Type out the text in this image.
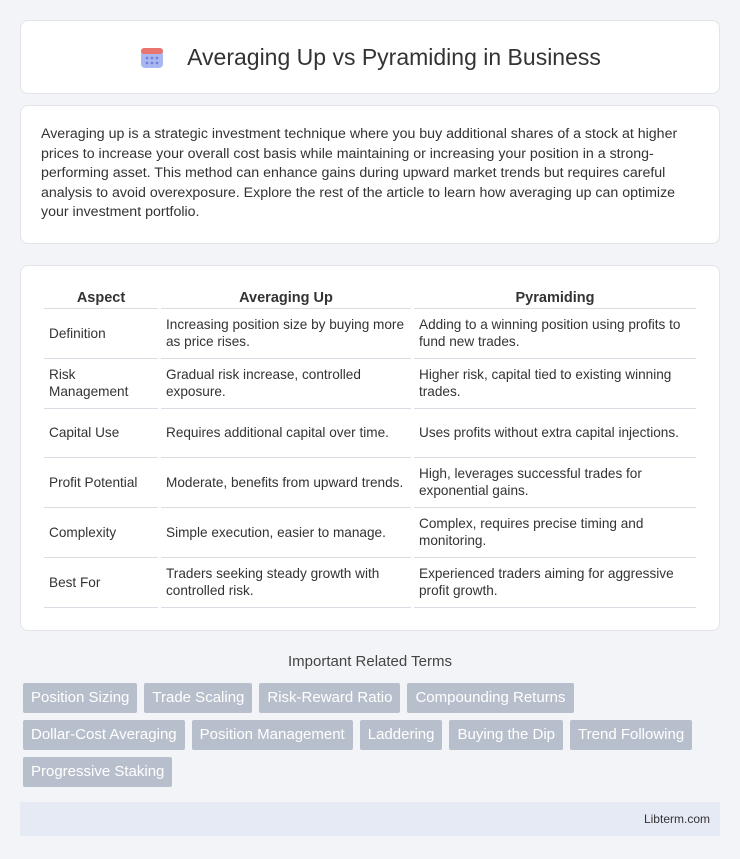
Averaging Up vs Pyramiding in Business

Averaging up is a strategic investment technique where you buy additional shares of a stock at higher prices to increase your overall cost basis while maintaining or increasing your position in a strong-performing asset. This method can enhance gains during upward market trends but requires careful analysis to avoid overexposure. Explore the rest of the article to learn how averaging up can optimize your investment portfolio.

Aspect	Averaging Up	Pyramiding
Definition	Increasing position size by buying more as price rises.	Adding to a winning position using profits to fund new trades.
Risk Management	Gradual risk increase, controlled exposure.	Higher risk, capital tied to existing winning trades.
Capital Use	Requires additional capital over time.	Uses profits without extra capital injections.
Profit Potential	Moderate, benefits from upward trends.	High, leverages successful trades for exponential gains.
Complexity	Simple execution, easier to manage.	Complex, requires precise timing and monitoring.
Best For	Traders seeking steady growth with controlled risk.	Experienced traders aiming for aggressive profit growth.
Important Related Terms
Position Sizing	Trade Scaling	Risk-Reward Ratio	Compounding Returns
Dollar-Cost Averaging	Position Management	Laddering	Buying the Dip	Trend Following
Progressive Staking
Libterm.com
